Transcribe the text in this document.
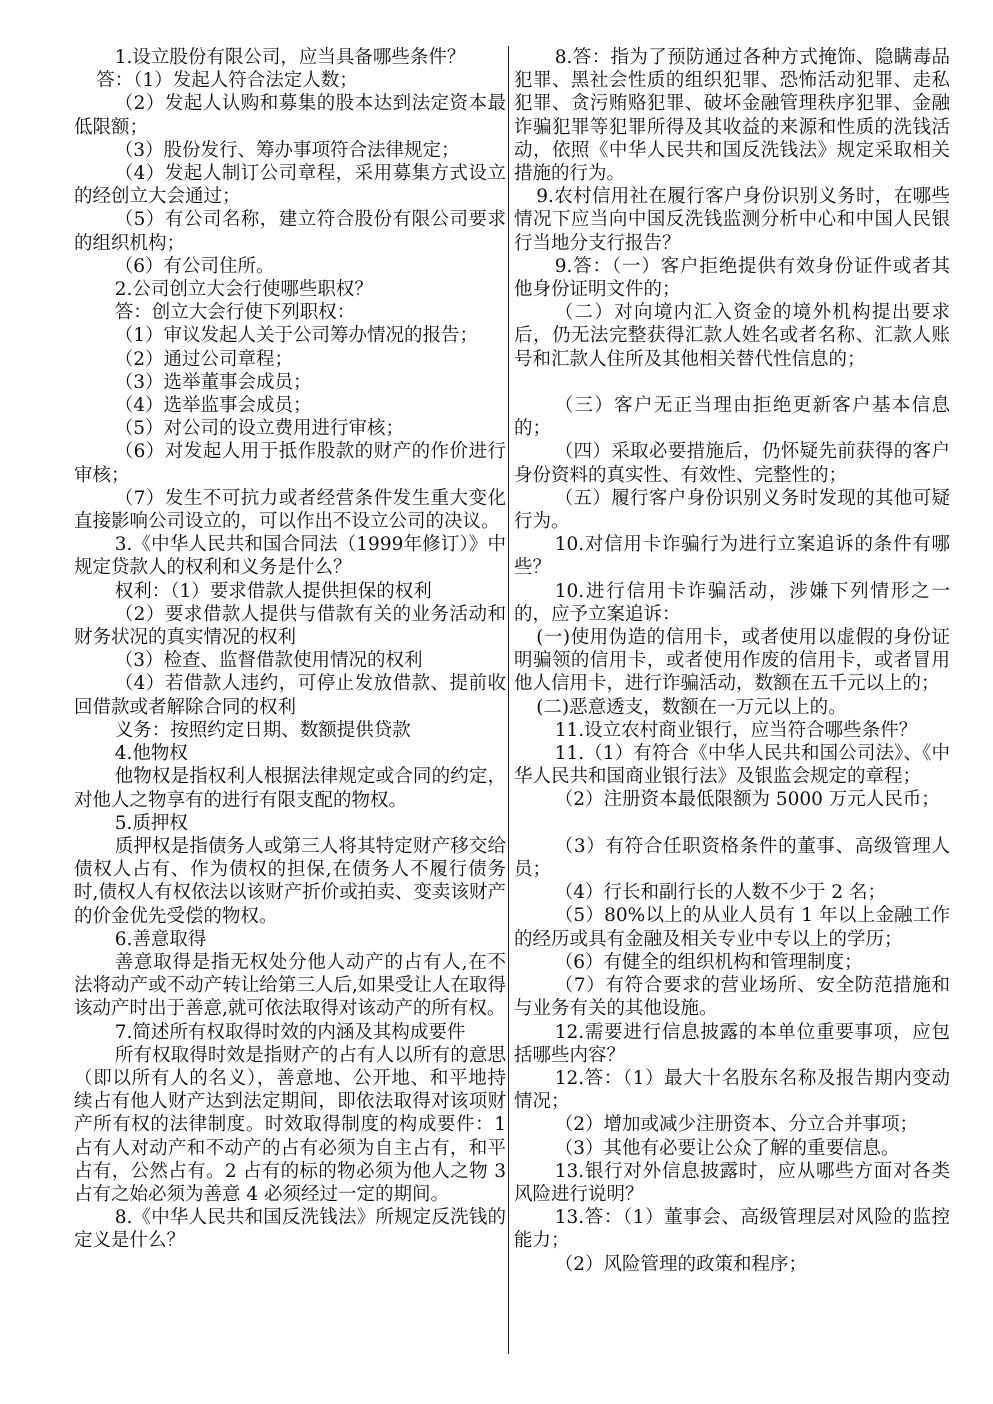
1.设立股份有限公司，应当具备哪些条件？

答：（1）发起人符合法定人数；

（2）发起人认购和募集的股本达到法定资本最低限额；

（3）股份发行、筹办事项符合法律规定；

（4）发起人制订公司章程，采用募集方式设立的经创立大会通过；

（5）有公司名称，建立符合股份有限公司要求的组织机构；

（6）有公司住所。

2.公司创立大会行使哪些职权？

答：创立大会行使下列职权：

（1）审议发起人关于公司筹办情况的报告；

（2）通过公司章程；

（3）选举董事会成员；

（4）选举监事会成员；

（5）对公司的设立费用进行审核；

（6）对发起人用于抵作股款的财产的作价进行审核；

（7）发生不可抗力或者经营条件发生重大变化直接影响公司设立的，可以作出不设立公司的决议。

3.《中华人民共和国合同法（1999年修订）》中规定贷款人的权利和义务是什么？

权利：（1）要求借款人提供担保的权利

（2）要求借款人提供与借款有关的业务活动和财务状况的真实情况的权利

（3）检查、监督借款使用情况的权利

（4）若借款人违约，可停止发放借款、提前收回借款或者解除合同的权利

义务：按照约定日期、数额提供贷款

4.他物权

他物权是指权利人根据法律规定或合同的约定，对他人之物享有的进行有限支配的物权。

5.质押权

质押权是指债务人或第三人将其特定财产移交给债权人占有、作为债权的担保,在债务人不履行债务时,债权人有权依法以该财产折价或拍卖、变卖该财产的价金优先受偿的物权。

6.善意取得

善意取得是指无权处分他人动产的占有人,在不法将动产或不动产转让给第三人后,如果受让人在取得该动产时出于善意,就可依法取得对该动产的所有权。

7.简述所有权取得时效的内涵及其构成要件

所有权取得时效是指财产的占有人以所有的意思（即以所有人的名义），善意地、公开地、和平地持续占有他人财产达到法定期间，即依法取得对该项财产所有权的法律制度。时效取得制度的构成要件：1 占有人对动产和不动产的占有必须为自主占有，和平占有，公然占有。2 占有的标的物必须为他人之物 3 占有之始必须为善意 4 必须经过一定的期间。

8.《中华人民共和国反洗钱法》所规定反洗钱的定义是什么？

8.答：指为了预防通过各种方式掩饰、隐瞒毒品犯罪、黑社会性质的组织犯罪、恐怖活动犯罪、走私犯罪、贪污贿赂犯罪、破坏金融管理秩序犯罪、金融诈骗犯罪等犯罪所得及其收益的来源和性质的洗钱活动，依照《中华人民共和国反洗钱法》规定采取相关措施的行为。

9.农村信用社在履行客户身份识别义务时，在哪些情况下应当向中国反洗钱监测分析中心和中国人民银行当地分支行报告？

9.答：（一）客户拒绝提供有效身份证件或者其他身份证明文件的；

（二）对向境内汇入资金的境外机构提出要求后，仍无法完整获得汇款人姓名或者名称、汇款人账号和汇款人住所及其他相关替代性信息的；

（三）客户无正当理由拒绝更新客户基本信息的；

（四）采取必要措施后，仍怀疑先前获得的客户身份资料的真实性、有效性、完整性的；

（五）履行客户身份识别义务时发现的其他可疑行为。

10.对信用卡诈骗行为进行立案追诉的条件有哪些？

10.进行信用卡诈骗活动，涉嫌下列情形之一的，应予立案追诉：

(一)使用伪造的信用卡，或者使用以虚假的身份证明骗领的信用卡，或者使用作废的信用卡，或者冒用他人信用卡，进行诈骗活动，数额在五千元以上的；

(二)恶意透支，数额在一万元以上的。

11.设立农村商业银行，应当符合哪些条件？

11.（1）有符合《中华人民共和国公司法》、《中华人民共和国商业银行法》及银监会规定的章程；

（2）注册资本最低限额为 5000 万元人民币；

（3）有符合任职资格条件的董事、高级管理人员；

（4）行长和副行长的人数不少于 2 名；

（5）80%以上的从业人员有 1 年以上金融工作的经历或具有金融及相关专业中专以上的学历；

（6）有健全的组织机构和管理制度；

（7）有符合要求的营业场所、安全防范措施和与业务有关的其他设施。

12.需要进行信息披露的本单位重要事项，应包括哪些内容？

12.答：（1）最大十名股东名称及报告期内变动情况；

（2）增加或减少注册资本、分立合并事项；

（3）其他有必要让公众了解的重要信息。

13.银行对外信息披露时，应从哪些方面对各类风险进行说明？

13.答：（1）董事会、高级管理层对风险的监控能力；

（2）风险管理的政策和程序；
